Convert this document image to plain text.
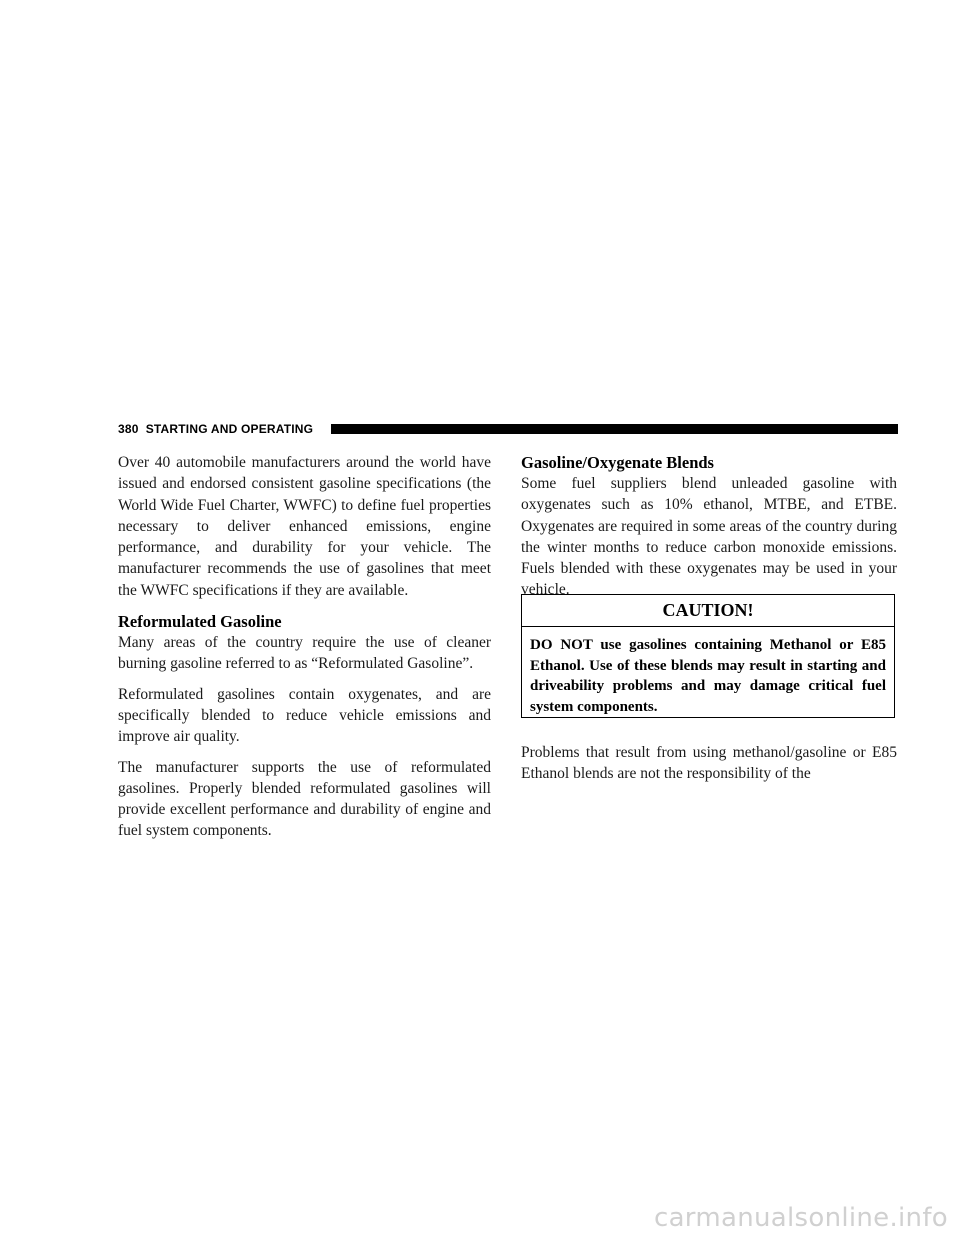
380 STARTING AND OPERATING

Over 40 automobile manufacturers around the world have issued and endorsed consistent gasoline specifications (the World Wide Fuel Charter, WWFC) to define fuel properties necessary to deliver enhanced emissions, engine performance, and durability for your vehicle. The manufacturer recommends the use of gasolines that meet the WWFC specifications if they are available.

Reformulated Gasoline

Many areas of the country require the use of cleaner burning gasoline referred to as “Reformulated Gasoline”.

Reformulated gasolines contain oxygenates, and are specifically blended to reduce vehicle emissions and improve air quality.

The manufacturer supports the use of reformulated gasolines. Properly blended reformulated gasolines will provide excellent performance and durability of engine and fuel system components.

Gasoline/Oxygenate Blends

Some fuel suppliers blend unleaded gasoline with oxygenates such as 10% ethanol, MTBE, and ETBE. Oxygenates are required in some areas of the country during the winter months to reduce carbon monoxide emissions. Fuels blended with these oxygenates may be used in your vehicle.

CAUTION!
DO NOT use gasolines containing Methanol or E85 Ethanol. Use of these blends may result in starting and driveability problems and may damage critical fuel system components.

Problems that result from using methanol/gasoline or E85 Ethanol blends are not the responsibility of the

carmanualsonline.info
